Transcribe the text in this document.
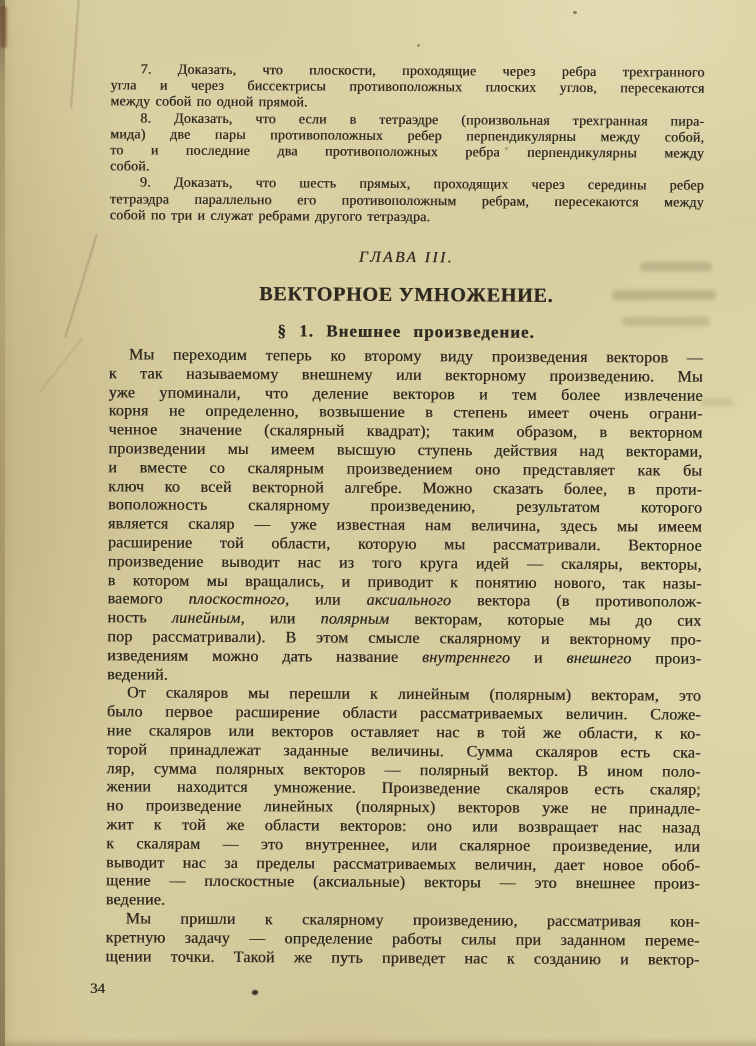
7. Доказать, что плоскости, проходящие через ребра трехгранного
угла и через биссектрисы противоположных плоских углов, пересекаются
между собой по одной прямой.
8. Доказать, что если в тетраэдре (произвольная трехгранная пира-
мида) две пары противоположных ребер перпендикулярны между собой,
то и последние два противоположных ребра перпендикулярны между
собой.
9. Доказать, что шесть прямых, проходящих через середины ребер
тетраэдра параллельно его противоположным ребрам, пересекаются между
собой по три и служат ребрами другого тетраэдра.
ГЛАВА III.
ВЕКТОРНОЕ УМНОЖЕНИЕ.
§ 1. Внешнее произведение.
Мы переходим теперь ко второму виду произведения векторов —
к так называемому внешнему или векторному произведению. Мы
уже упоминали, что деление векторов и тем более извлечение
корня не определенно, возвышение в степень имеет очень ограни-
ченное значение (скалярный квадрат); таким образом, в векторном
произведении мы имеем высшую ступень действия над векторами,
и вместе со скалярным произведением оно представляет как бы
ключ ко всей векторной алгебре. Можно сказать более, в проти-
воположность скалярному произведению, результатом которого
является скаляр — уже известная нам величина, здесь мы имеем
расширение той области, которую мы рассматривали. Векторное
произведение выводит нас из того круга идей — скаляры, векторы,
в котором мы вращались, и приводит к понятию нового, так назы-
ваемого плоскостного, или аксиального вектора (в противополож-
ность линейным, или полярным векторам, которые мы до сих
пор рассматривали). В этом смысле скалярному и векторному про-
изведениям можно дать название внутреннего и внешнего произ-
ведений.
От скаляров мы перешли к линейным (полярным) векторам, это
было первое расширение области рассматриваемых величин. Сложе-
ние скаляров или векторов оставляет нас в той же области, к ко-
торой принадлежат заданные величины. Сумма скаляров есть ска-
ляр, сумма полярных векторов — полярный вектор. В ином поло-
жении находится умножение. Произведение скаляров есть скаляр,
но произведение линейных (полярных) векторов уже не принадле-
жит к той же области векторов: оно или возвращает нас назад
к скалярам — это внутреннее, или скалярное произведение, или
выводит нас за пределы рассматриваемых величин, дает новое обоб-
щение — плоскостные (аксиальные) векторы — это внешнее произ-
ведение.
Мы пришли к скалярному произведению, рассматривая кон-
кретную задачу — определение работы силы при заданном переме-
щении точки. Такой же путь приведет нас к созданию и вектор-
34
